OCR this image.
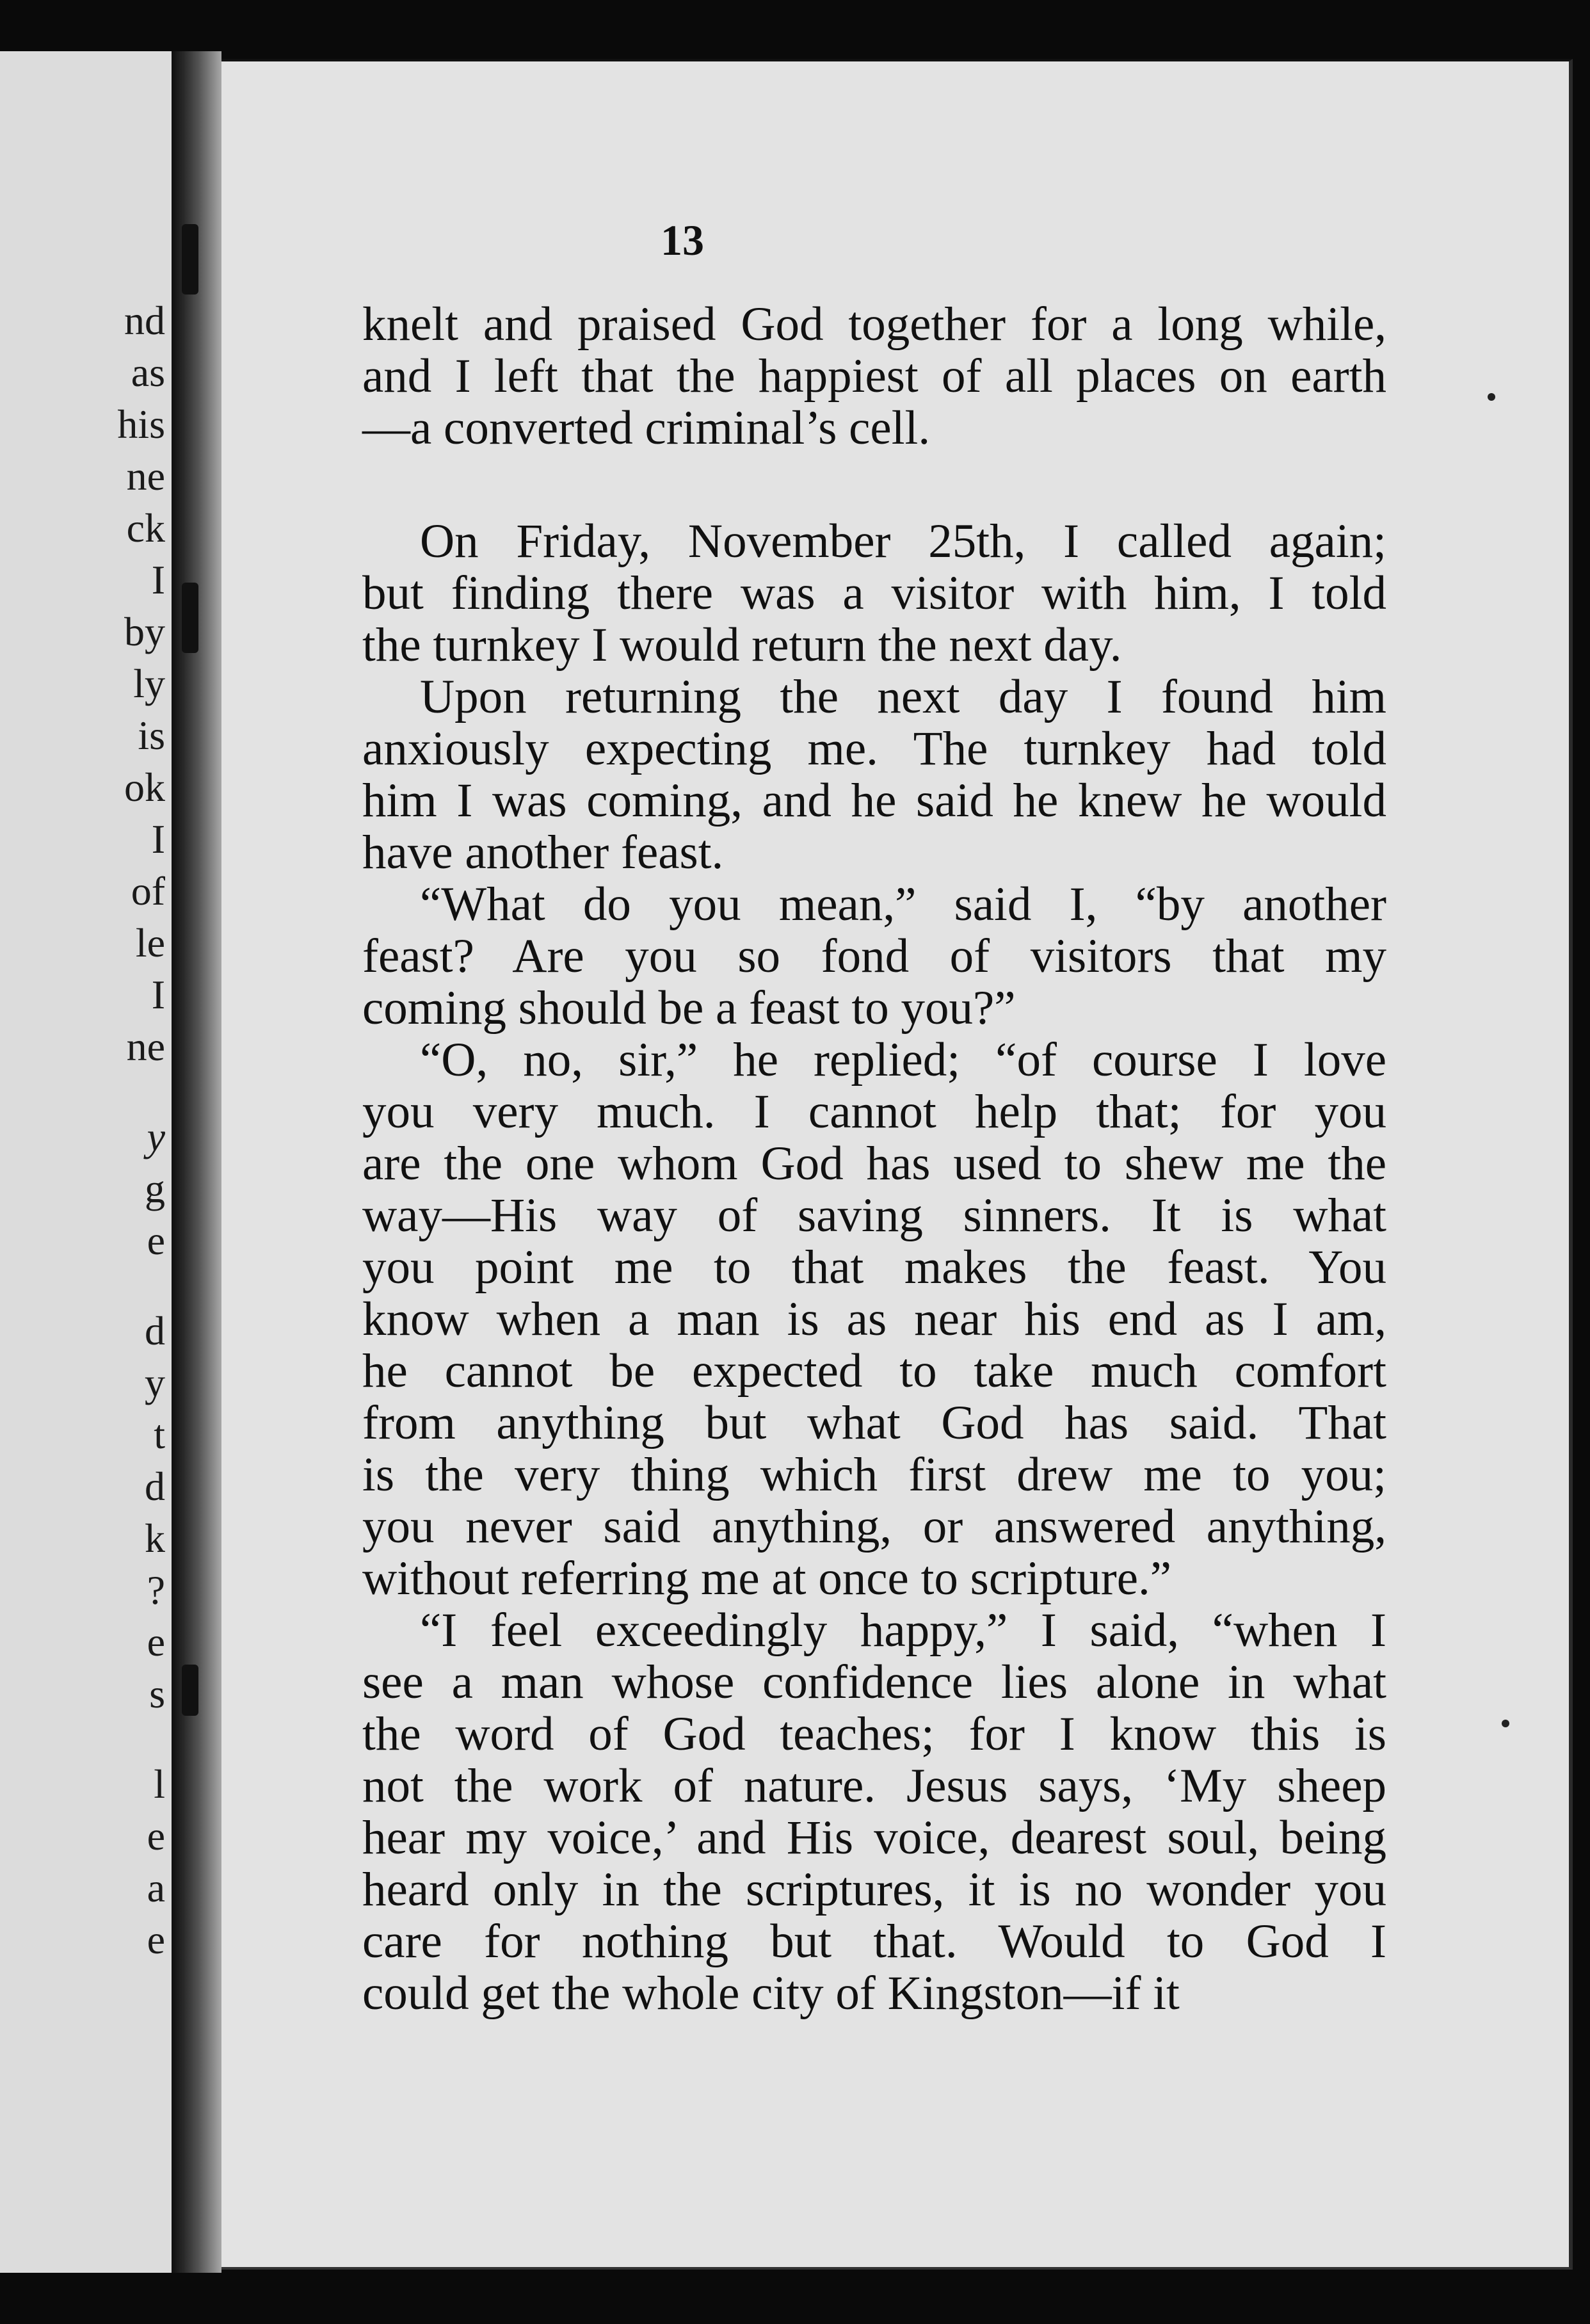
nd
as
his
ne
ck
I
by
ly
is
ok
I
of
le
I
ne
y
g
e
d
y
t
d
k
?
e
s
l
e
a
e
13
knelt and praised God together for a long while,
and I left that the happiest of all places on earth
—a converted criminal’s cell.
On Friday, November 25th, I called again;
but finding there was a visitor with him, I told
the turnkey I would return the next day.
Upon returning the next day I found him
anxiously expecting me. The turnkey had told
him I was coming, and he said he knew he would
have another feast.
“What do you mean,” said I, “by another
feast? Are you so fond of visitors that my
coming should be a feast to you?”
“O, no, sir,” he replied; “of course I love
you very much. I cannot help that; for you
are the one whom God has used to shew me the
way—His way of saving sinners. It is what
you point me to that makes the feast. You
know when a man is as near his end as I am,
he cannot be expected to take much comfort
from anything but what God has said. That
is the very thing which first drew me to you;
you never said anything, or answered anything,
without referring me at once to scripture.”
“I feel exceedingly happy,” I said, “when I
see a man whose confidence lies alone in what
the word of God teaches; for I know this is
not the work of nature. Jesus says, ‘My sheep
hear my voice,’ and His voice, dearest soul, being
heard only in the scriptures, it is no wonder you
care for nothing but that. Would to God I
could get the whole city of Kingston—if it
